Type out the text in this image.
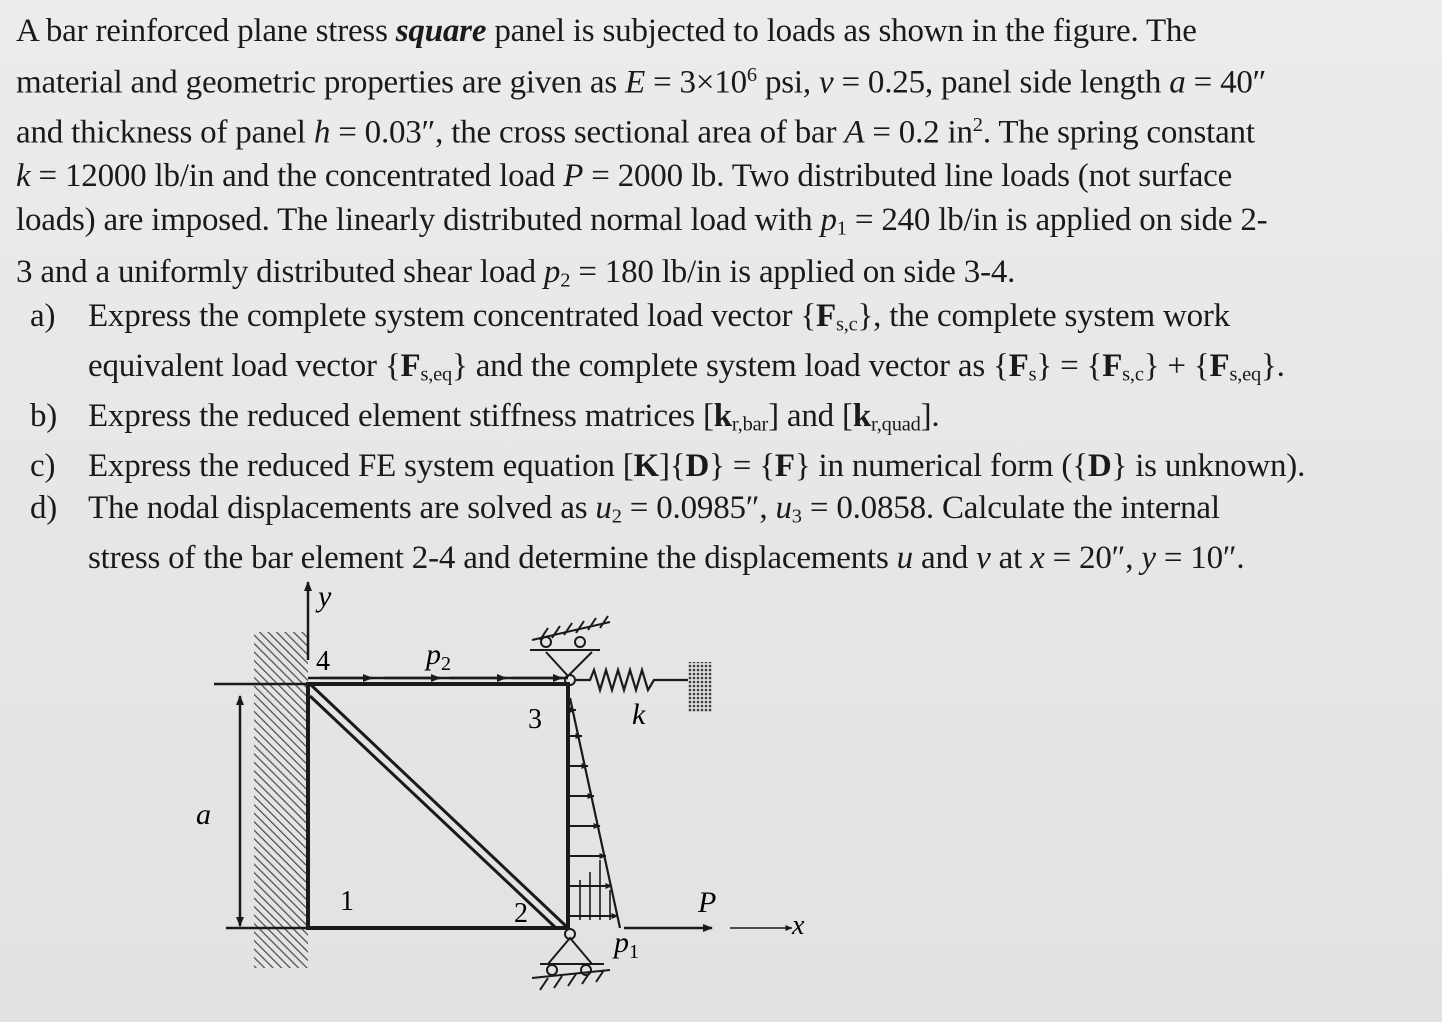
A bar reinforced plane stress square panel is subjected to loads as shown in the figure. The

material and geometric properties are given as $E = 3\times 10^6$ psi, v = 0.25, panel side length a = 40″

and thickness of panel h = 0.03″, the cross sectional area of bar A = 0.2 $in^2$. The spring constant

k = 12000 lb/in and the concentrated load P = 2000 lb. Two distributed line loads (not surface

loads) are imposed. The linearly distributed normal load with $p_1 = 240$ lb/in is applied on side 2-

3 and a uniformly distributed shear load $p_2 = 180$ lb/in is applied on side 3-4.

a) Express the complete system concentrated load vector $\{F_{s,c}\}$, the complete system work
equivalent load vector $\{F_{s,eq}\}$ and the complete system load vector as $\{F_s\} = \{F_{s,c}\} + \{F_{s,eq}\}$.
b) Express the reduced element stiffness matrices $[k_{r,bar}]$ and $[k_{r,quad}]$.
c) Express the reduced FE system equation [K]{D} = {F} in numerical form ({D} is unknown).
d) The nodal displacements are solved as $u_2 = 0.0985''$, $u_3 = 0.0858$. Calculate the internal
stress of the bar element 2-4 and determine the displacements u and v at x = 20″, y = 10″.
y
4
3
1	2
a
$p_2$
k
$p_1$
P
x
